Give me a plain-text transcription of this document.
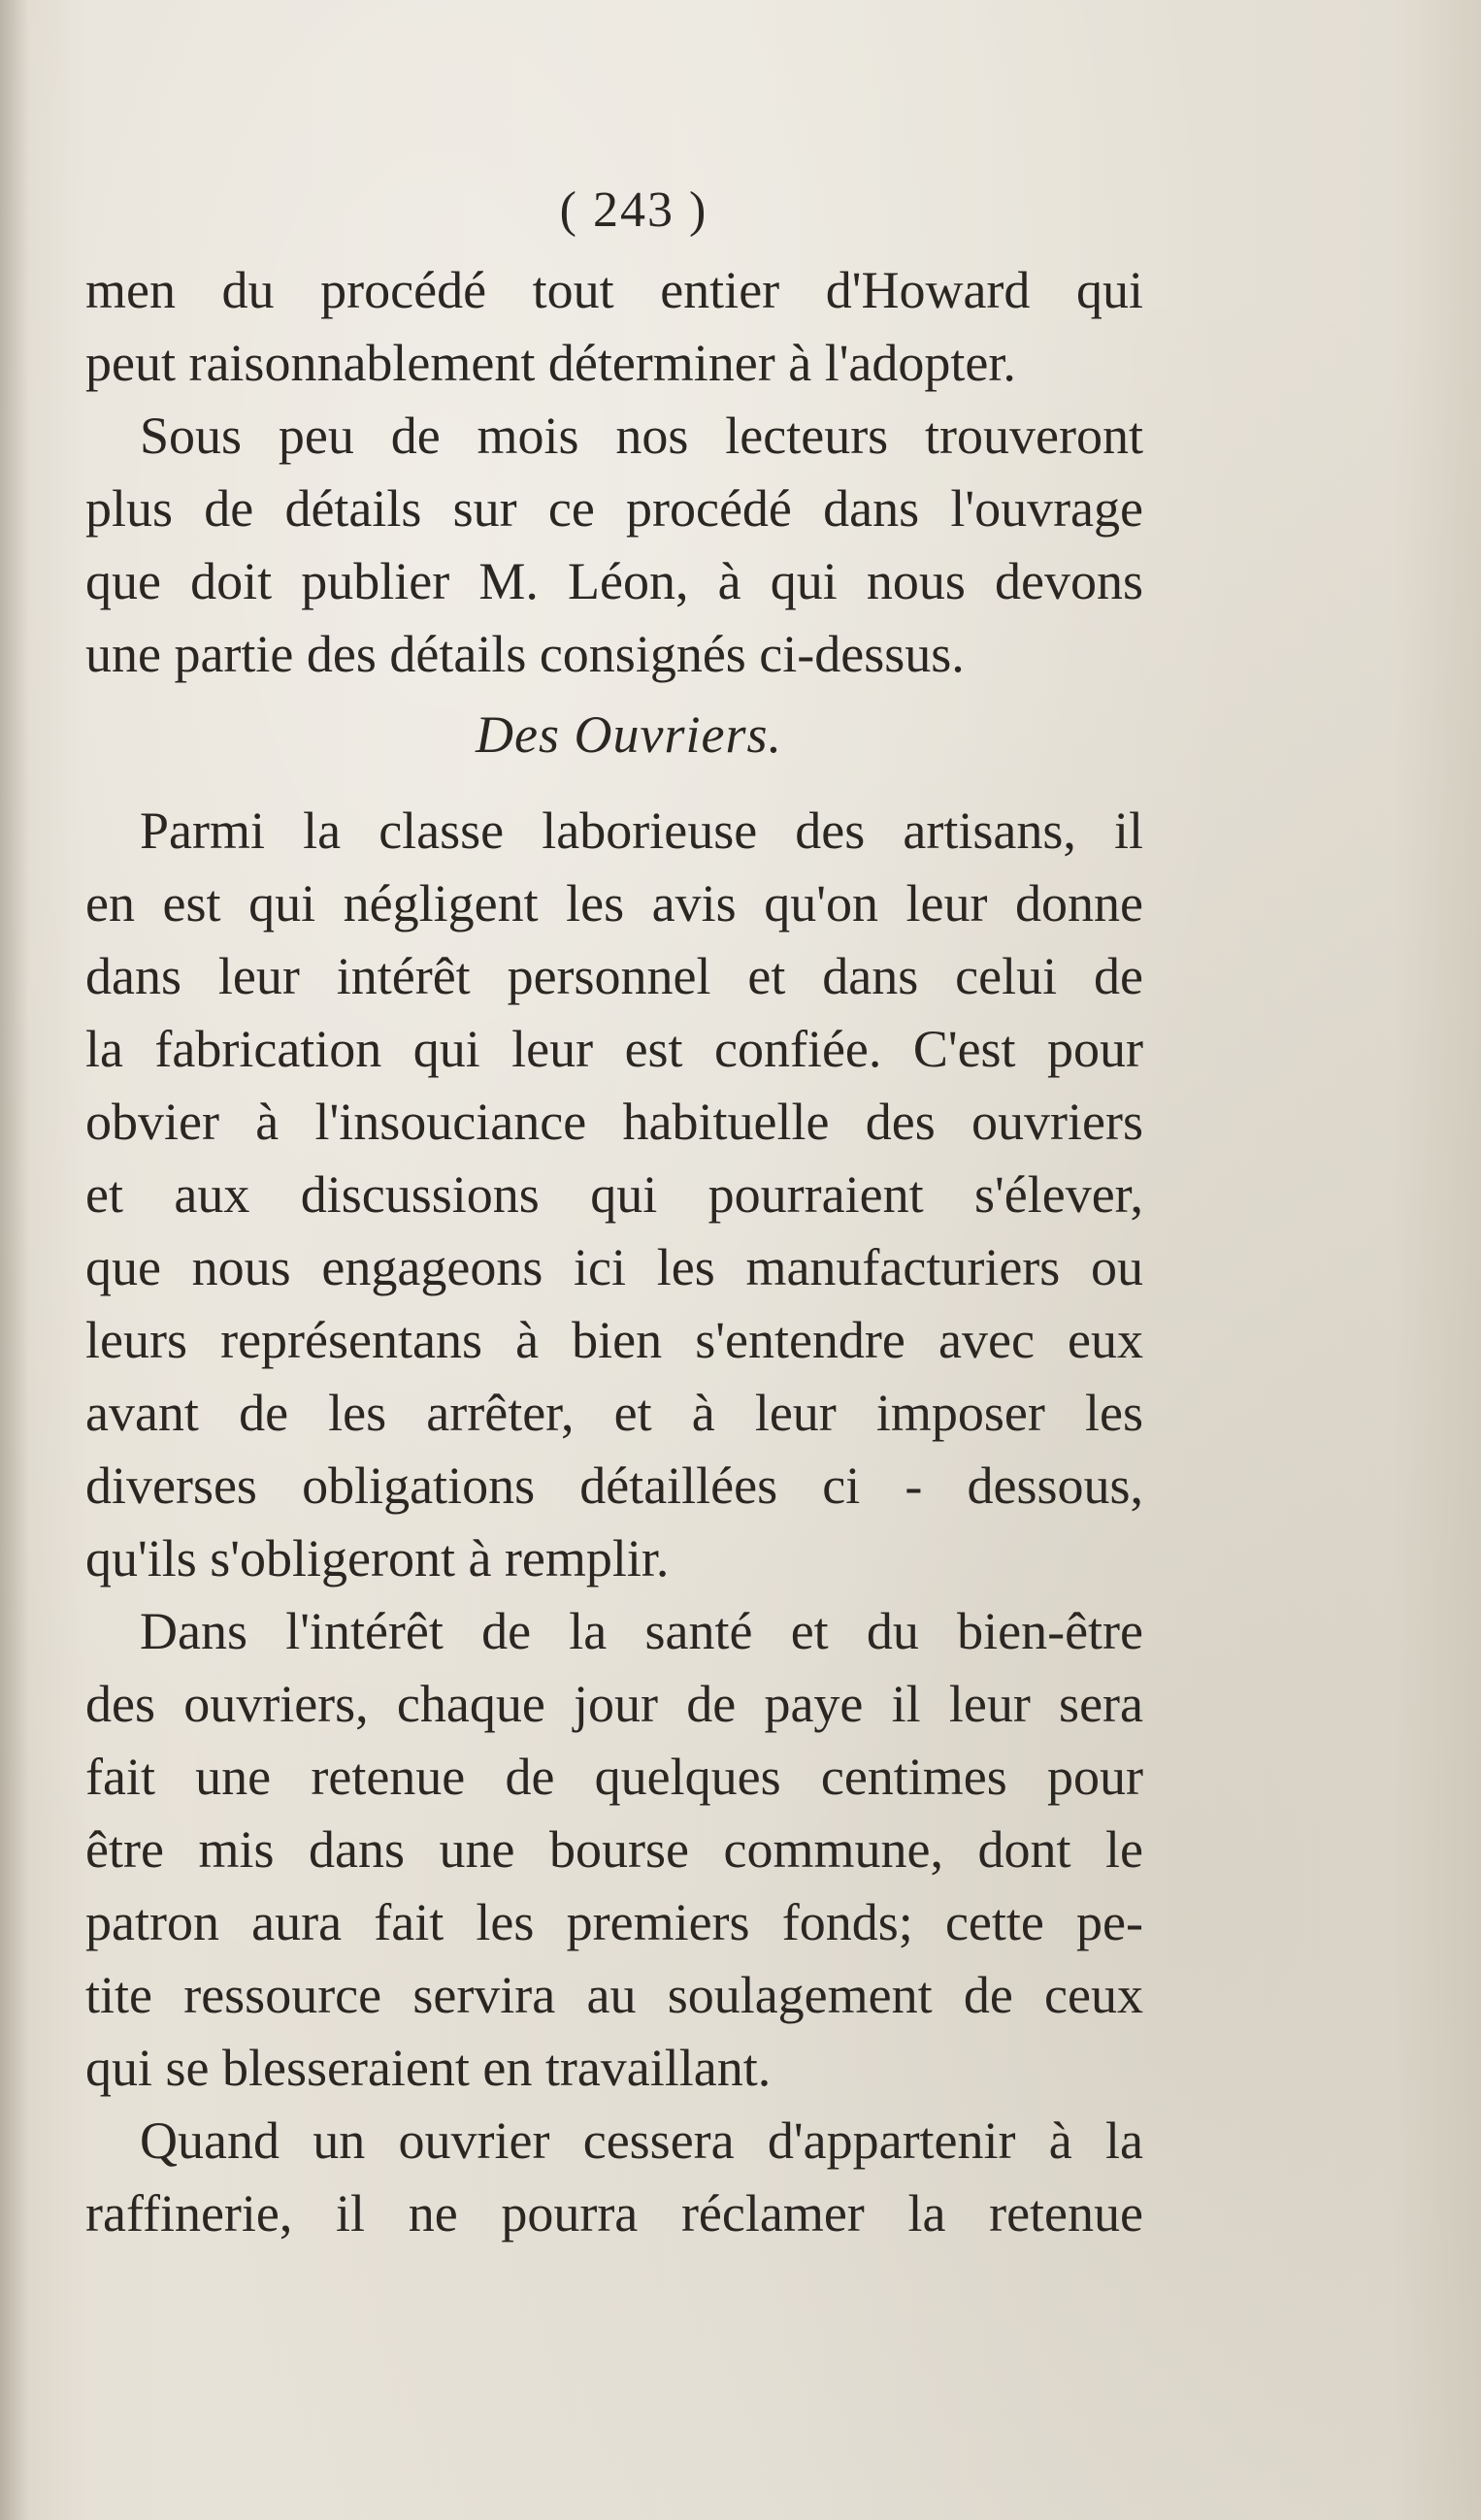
( 243 )
men du procédé tout entier d'Howard qui
peut raisonnablement déterminer à l'adopter.
Sous peu de mois nos lecteurs trouveront
plus de détails sur ce procédé dans l'ouvrage
que doit publier M. Léon, à qui nous devons
une partie des détails consignés ci-dessus.
Des Ouvriers.
Parmi la classe laborieuse des artisans, il
en est qui négligent les avis qu'on leur donne
dans leur intérêt personnel et dans celui de
la fabrication qui leur est confiée. C'est pour
obvier à l'insouciance habituelle des ouvriers
et aux discussions qui pourraient s'élever,
que nous engageons ici les manufacturiers ou
leurs représentans à bien s'entendre avec eux
avant de les arrêter, et à leur imposer les
diverses obligations détaillées ci - dessous,
qu'ils s'obligeront à remplir.
Dans l'intérêt de la santé et du bien-être
des ouvriers, chaque jour de paye il leur sera
fait une retenue de quelques centimes pour
être mis dans une bourse commune, dont le
patron aura fait les premiers fonds; cette pe-
tite ressource servira au soulagement de ceux
qui se blesseraient en travaillant.
Quand un ouvrier cessera d'appartenir à la
raffinerie, il ne pourra réclamer la retenue
